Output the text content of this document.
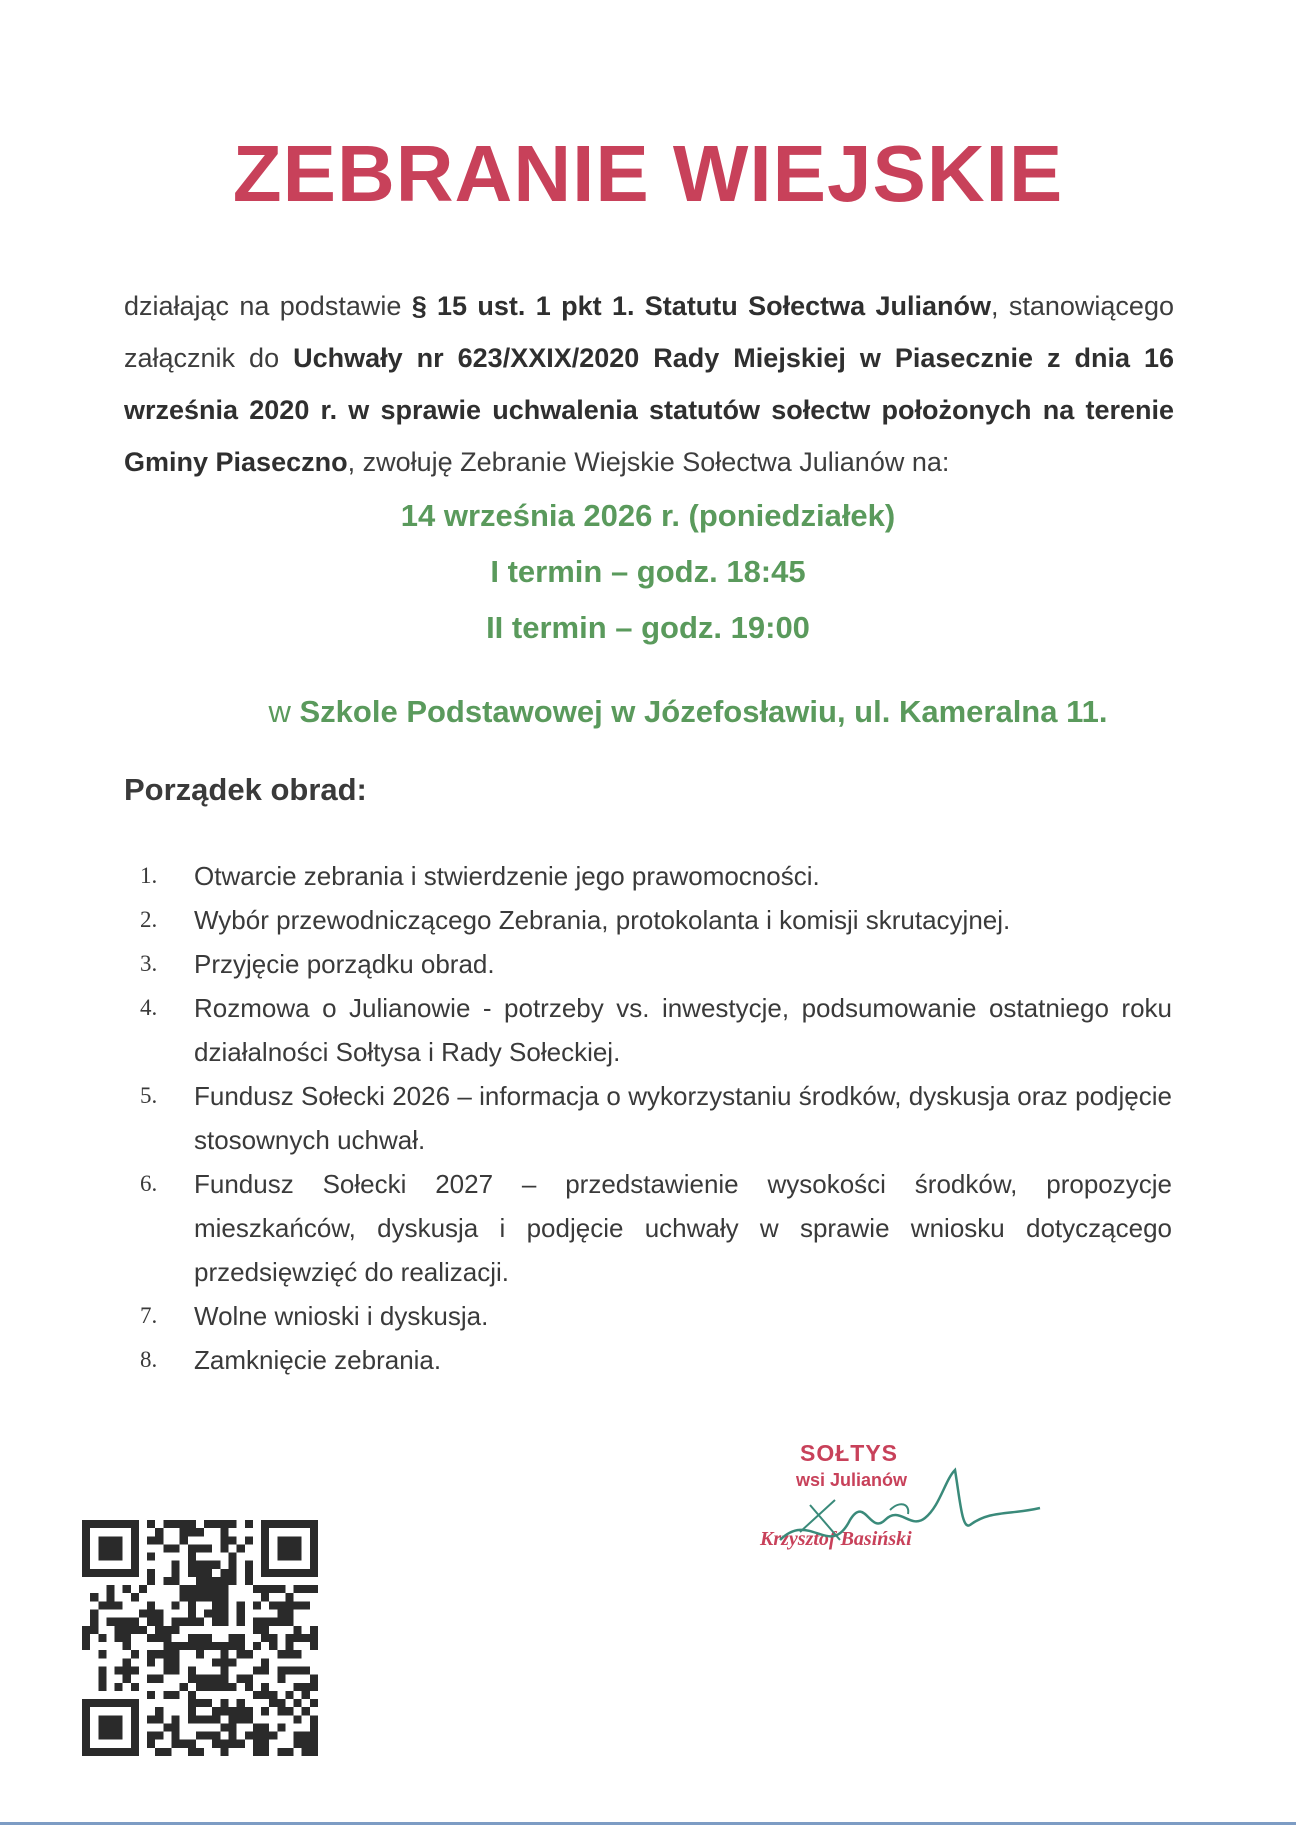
ZEBRANIE WIEJSKIE
działając na podstawie § 15 ust. 1 pkt 1. Statutu Sołectwa Julianów, stanowiącego załącznik do Uchwały nr 623/XXIX/2020 Rady Miejskiej w Piasecznie z dnia 16 września 2020 r. w sprawie uchwalenia statutów sołectw położonych na terenie Gminy Piaseczno, zwołuję Zebranie Wiejskie Sołectwa Julianów na:
14 września 2026 r. (poniedziałek)
I termin – godz. 18:45
II termin – godz. 19:00
w Szkole Podstawowej w Józefosławiu, ul. Kameralna 11.
Porządek obrad:
1. Otwarcie zebrania i stwierdzenie jego prawomocności.
2. Wybór przewodniczącego Zebrania, protokolanta i komisji skrutacyjnej.
3. Przyjęcie porządku obrad.
4. Rozmowa o Julianowie - potrzeby vs. inwestycje, podsumowanie ostatniego roku działalności Sołtysa i Rady Sołeckiej.
5. Fundusz Sołecki 2026 – informacja o wykorzystaniu środków, dyskusja oraz podjęcie stosownych uchwał.
6. Fundusz Sołecki 2027 – przedstawienie wysokości środków, propozycje mieszkańców, dyskusja i podjęcie uchwały w sprawie wniosku dotyczącego przedsięwzięć do realizacji.
7. Wolne wnioski i dyskusja.
8. Zamknięcie zebrania.
SOŁTYS
wsi Julianów
Krzysztof Basiński
